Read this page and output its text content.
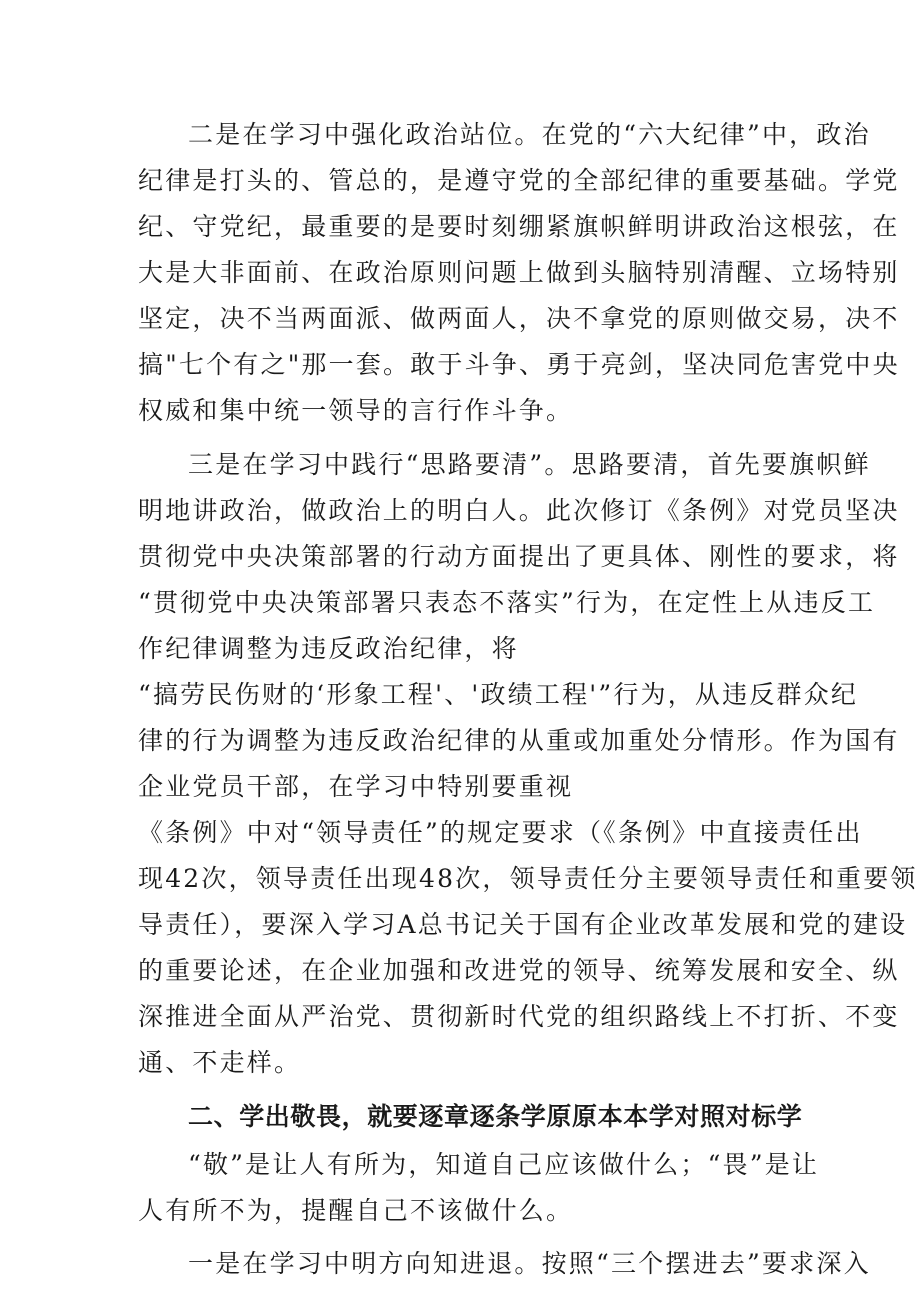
二是在学习中强化政治站位。在党的“六大纪律”中，政治
纪律是打头的、管总的，是遵守党的全部纪律的重要基础。学党
纪、守党纪，最重要的是要时刻绷紧旗帜鲜明讲政治这根弦，在
大是大非面前、在政治原则问题上做到头脑特别清醒、立场特别
坚定，决不当两面派、做两面人，决不拿党的原则做交易，决不
搞"七个有之"那一套。敢于斗争、勇于亮剑，坚决同危害党中央
权威和集中统一领导的言行作斗争。
三是在学习中践行“思路要清”。思路要清，首先要旗帜鲜
明地讲政治，做政治上的明白人。此次修订《条例》对党员坚决
贯彻党中央决策部署的行动方面提出了更具体、刚性的要求，将
“贯彻党中央决策部署只表态不落实”行为，在定性上从违反工
作纪律调整为违反政治纪律，将
“搞劳民伤财的‘形象工程'、'政绩工程'”行为，从违反群众纪
律的行为调整为违反政治纪律的从重或加重处分情形。作为国有
企业党员干部，在学习中特别要重视
《条例》中对“领导责任”的规定要求（《条例》中直接责任出
现42次，领导责任出现48次，领导责任分主要领导责任和重要领
导责任），要深入学习A总书记关于国有企业改革发展和党的建设
的重要论述，在企业加强和改进党的领导、统筹发展和安全、纵
深推进全面从严治党、贯彻新时代党的组织路线上不打折、不变
通、不走样。
二、学出敬畏，就要逐章逐条学原原本本学对照对标学
“敬”是让人有所为，知道自己应该做什么；“畏”是让
人有所不为，提醒自己不该做什么。
一是在学习中明方向知进退。按照“三个摆进去”要求深入
